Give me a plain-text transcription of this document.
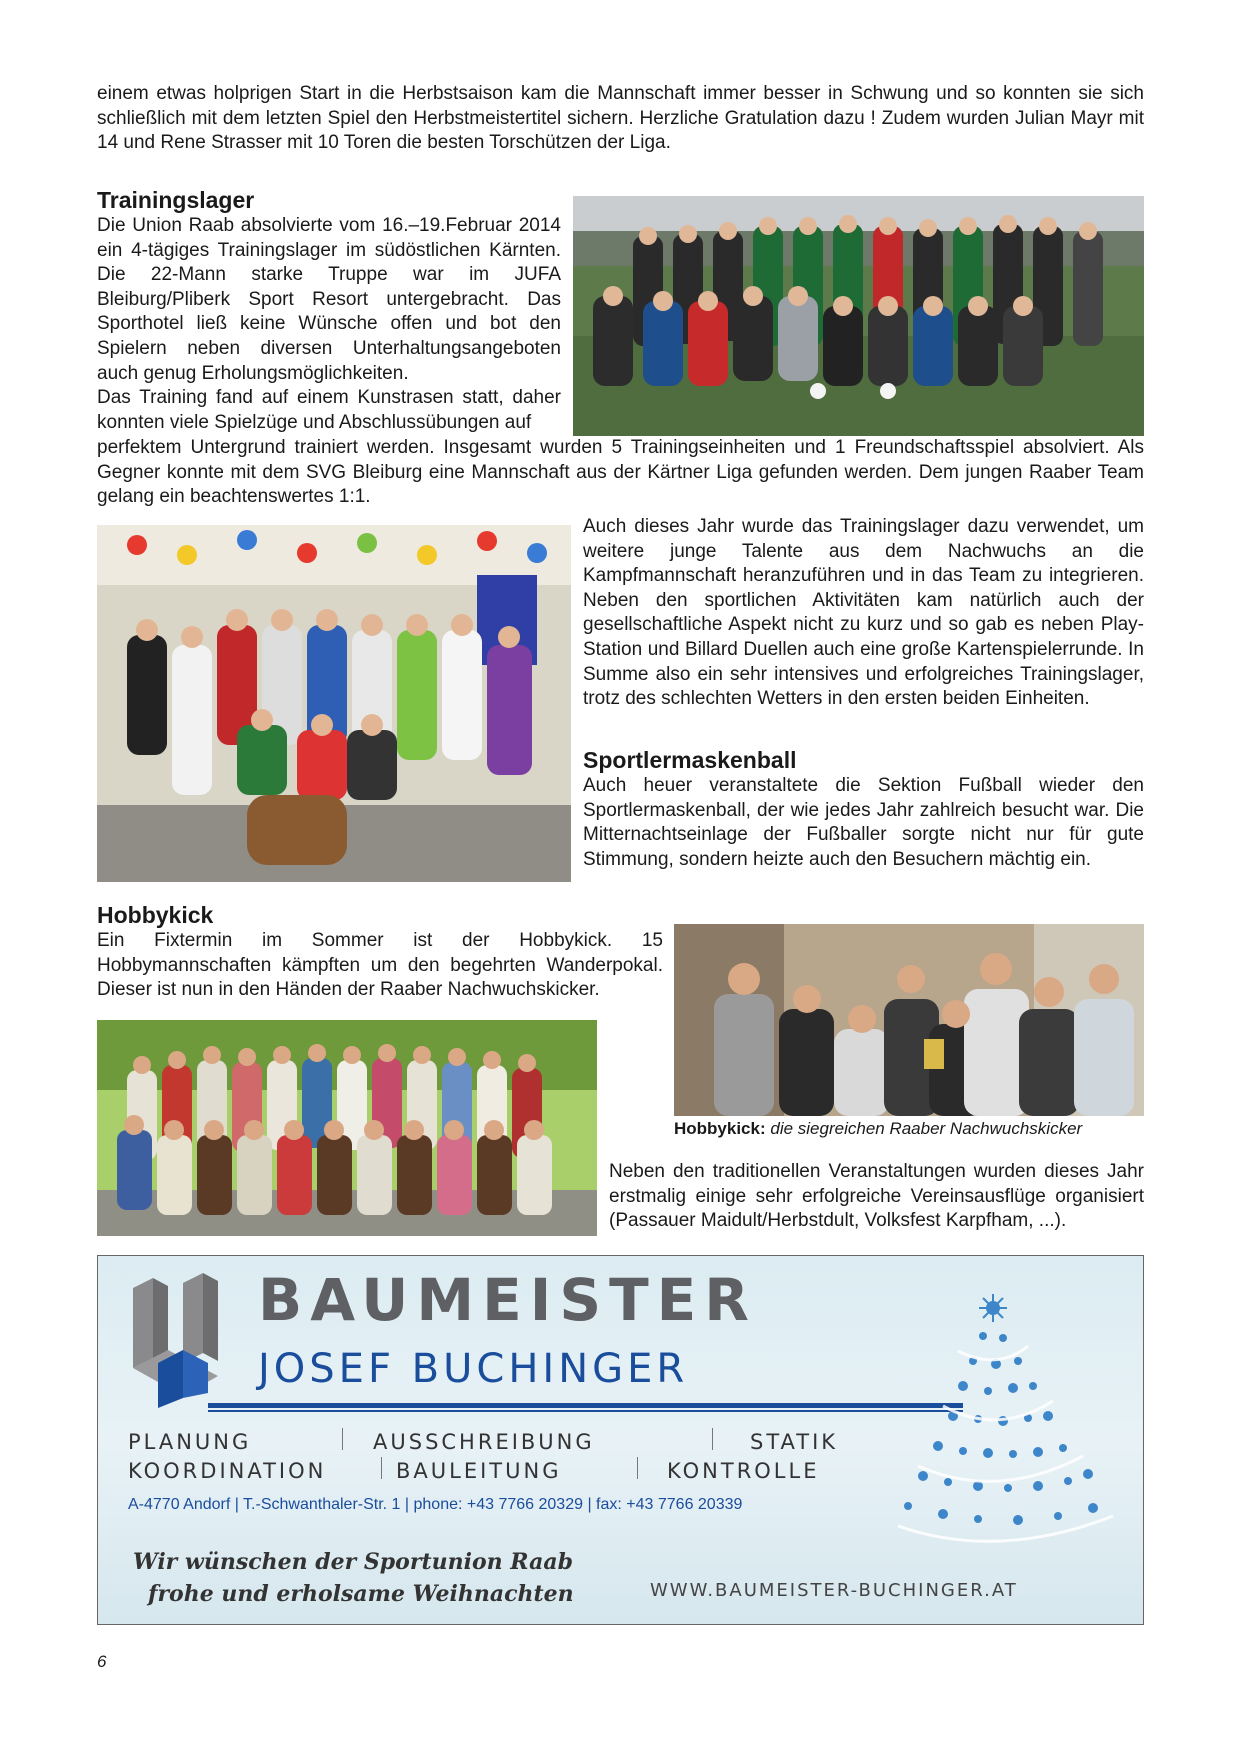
einem etwas holprigen Start in die Herbstsaison kam die Mannschaft immer besser in Schwung und so konnten sie sich schließlich mit dem letzten Spiel den Herbstmeistertitel sichern. Herzliche Gratulation dazu ! Zudem wurden Julian Mayr mit 14 und Rene Strasser mit 10 Toren die besten Torschützen der Liga.

Trainingslager

Die Union Raab absolvierte vom 16.–19.Februar 2014 ein 4-tägiges Trainingslager im südöstlichen Kärnten. Die 22-Mann starke Truppe war im JUFA Bleiburg/Pliberk Sport Resort untergebracht. Das Sporthotel ließ keine Wünsche offen und bot den Spielern neben diversen Unterhaltungsangeboten auch genug Erholungsmöglichkeiten.

Das Training fand auf einem Kunstrasen statt, daher konnten viele Spielzüge und Abschlussübungen auf

perfektem Untergrund trainiert werden. Insgesamt wurden 5 Trainingseinheiten und 1 Freundschaftsspiel absolviert. Als Gegner konnte mit dem SVG Bleiburg eine Mannschaft aus der Kärtner Liga gefunden werden. Dem jungen Raaber Team gelang ein beachtenswertes 1:1.

Auch dieses Jahr wurde das Trainingslager dazu verwendet, um weitere junge Talente aus dem Nachwuchs an die Kampfmannschaft heranzuführen und in das Team zu integrieren. Neben den sportlichen Aktivitäten kam natürlich auch der gesellschaftliche Aspekt nicht zu kurz und so gab es neben Play-Station und Billard Duellen auch eine große Kartenspielerrunde. In Summe also ein sehr intensives und erfolgreiches Trainingslager, trotz des schlechten Wetters in den ersten beiden Einheiten.

Sportlermaskenball

Auch heuer veranstaltete die Sektion Fußball wieder den Sportlermaskenball, der wie jedes Jahr zahlreich besucht war. Die Mitternachtseinlage der Fußballer sorgte nicht nur für gute Stimmung, sondern heizte auch den Besuchern mächtig ein.

Hobbykick

Ein Fixtermin im Sommer ist der Hobbykick. 15 Hobbymannschaften kämpften um den begehrten Wanderpokal. Dieser ist nun in den Händen der Raaber Nachwuchskicker.

Hobbykick: die siegreichen Raaber Nachwuchskicker

Neben den traditionellen Veranstaltungen wurden dieses Jahr erstmalig einige sehr erfolgreiche Vereinsausflüge organisiert (Passauer Maidult/Herbstdult, Volksfest Karpfham, ...).

BAUMEISTER
JOSEF BUCHINGER
PLANUNG	AUSSCHREIBUNG	STATIK
KOORDINATION	BAULEITUNG	KONTROLLE
A-4770 Andorf | T.-Schwanthaler-Str. 1 | phone: +43 7766 20329 | fax: +43 7766 20339
Wir wünschen der Sportunion Raab
frohe und erholsame Weihnachten	WWW.BAUMEISTER-BUCHINGER.AT
6
